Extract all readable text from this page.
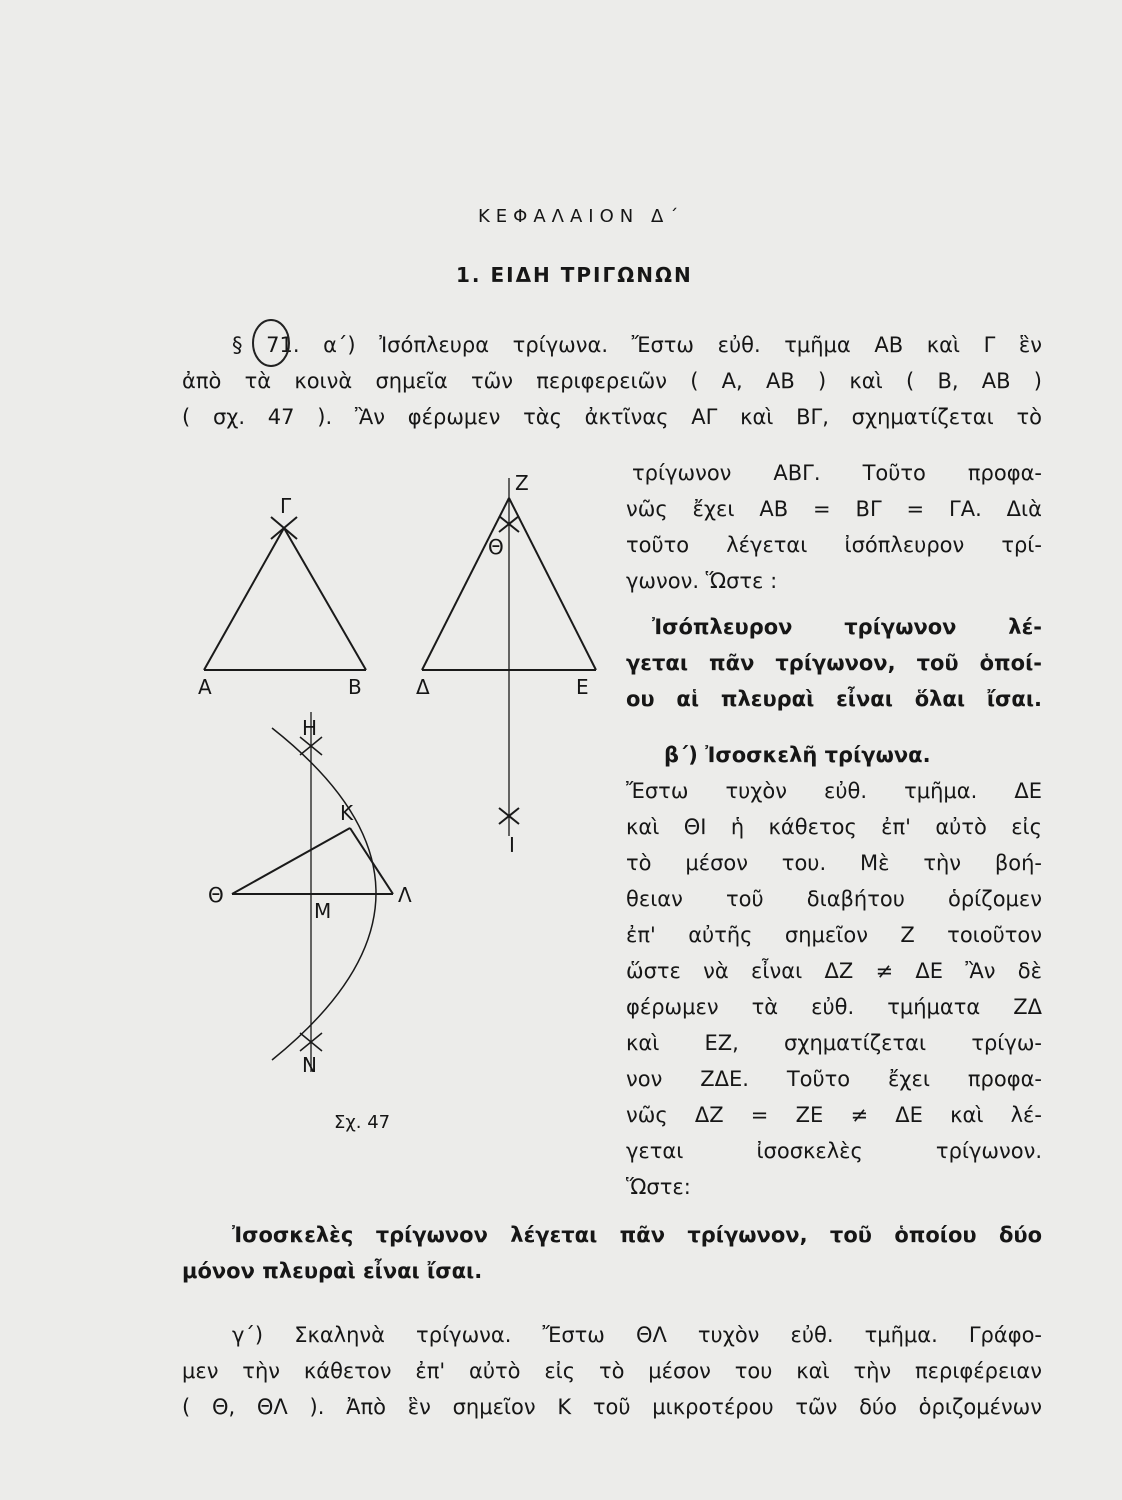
ΚΕΦΑΛΑΙΟΝ Δ΄
1. ΕΙΔΗ ΤΡΙΓΩΝΩΝ
§ 71. α΄) Ἰσόπλευρα τρίγωνα. Ἔστω εὐθ. τμῆμα ΑΒ καὶ Γ ἓν
ἀπὸ τὰ κοινὰ σημεῖα τῶν περιφερειῶν ( Α, ΑΒ ) καὶ ( Β, ΑΒ )
( σχ. 47 ). Ἂν φέρωμεν τὰς ἀκτῖνας ΑΓ καὶ ΒΓ, σχηματίζεται τὸ
τρίγωνον ΑΒΓ. Τοῦτο προφα-
νῶς ἔχει ΑΒ = ΒΓ = ΓΑ. Διὰ
τοῦτο λέγεται ἰσόπλευρον τρί-
γωνον. Ὥστε :
Ἰσόπλευρον τρίγωνον λέ-
γεται πᾶν τρίγωνον, τοῦ ὁποί-
ου αἱ πλευραὶ εἶναι ὅλαι ἴσαι.
β΄) Ἰσοσκελῆ τρίγωνα.
Ἔστω τυχὸν εὐθ. τμῆμα. ΔΕ
καὶ ΘΙ ἡ κάθετος ἐπ' αὐτὸ εἰς
τὸ μέσον του. Μὲ τὴν βοή-
θειαν τοῦ διαβήτου ὁρίζομεν
ἐπ' αὐτῆς σημεῖον Ζ τοιοῦτον
ὥστε νὰ εἶναι ΔΖ ≠ ΔΕ Ἂν δὲ
φέρωμεν τὰ εὐθ. τμήματα ΖΔ
καὶ ΕΖ, σχηματίζεται τρίγω-
νον ΖΔΕ. Τοῦτο ἔχει προφα-
νῶς ΔΖ = ΖΕ ≠ ΔΕ καὶ λέ-
γεται ἰσοσκελὲς τρίγωνον.
Ὥστε:
Ἰσοσκελὲς τρίγωνον λέγεται πᾶν τρίγωνον, τοῦ ὁποίου δύο
μόνον πλευραὶ εἶναι ἴσαι.
γ΄) Σκαληνὰ τρίγωνα. Ἔστω ΘΛ τυχὸν εὐθ. τμῆμα. Γράφο-
μεν τὴν κάθετον ἐπ' αὐτὸ εἰς τὸ μέσον του καὶ τὴν περιφέρειαν
( Θ, ΘΛ ). Ἀπὸ ἓν σημεῖον Κ τοῦ μικροτέρου τῶν δύο ὁριζομένων
Α	Β
Γ
Δ	Ε
Ζ
Θ
Ι
Η
Κ
Θ	Λ
Μ
Ν
Σχ. 47
